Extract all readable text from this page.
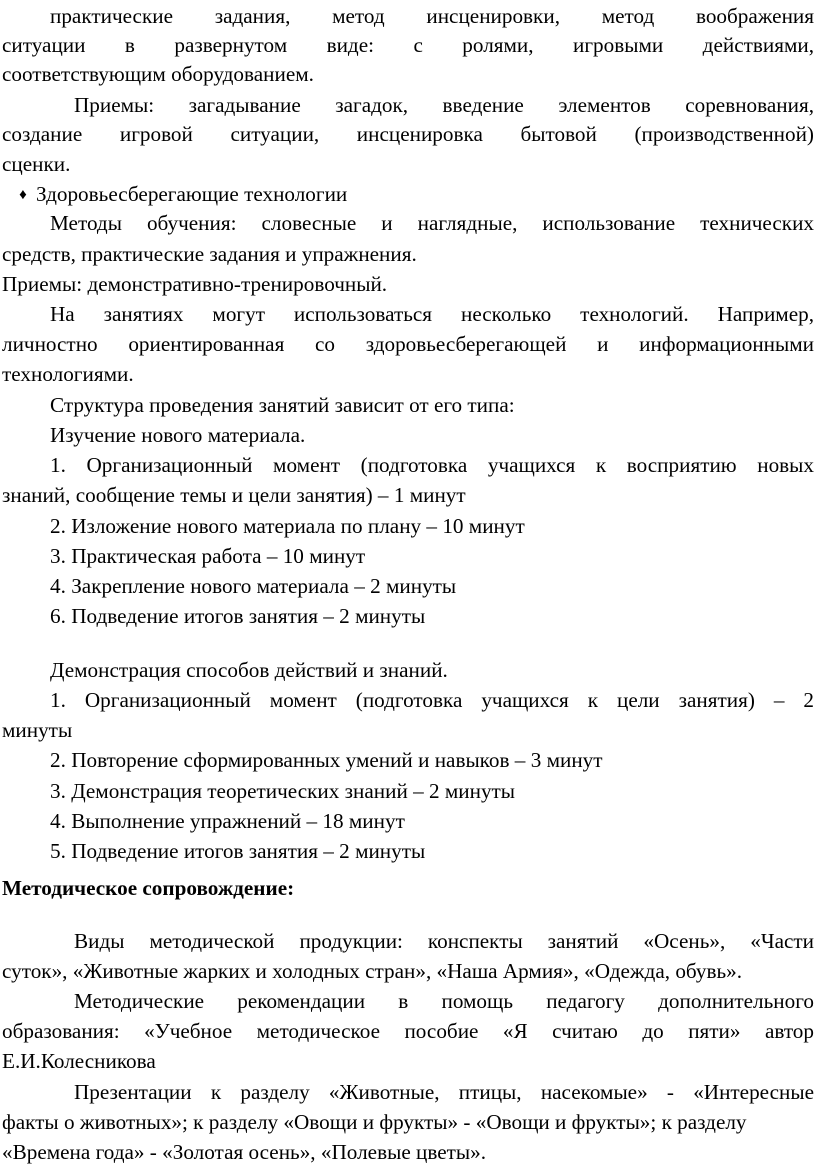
практические задания, метод инсценировки, метод воображения
ситуации в развернутом виде: с ролями, игровыми действиями,
соответствующим оборудованием.
Приемы: загадывание загадок, введение элементов соревнования,
создание игровой ситуации, инсценировка бытовой (производственной)
сценки.
♦ Здоровьесберегающие технологии
Методы обучения: словесные и наглядные, использование технических
средств, практические задания и упражнения.
Приемы: демонстративно-тренировочный.
На занятиях могут использоваться несколько технологий. Например,
личностно ориентированная со здоровьесберегающей и информационными
технологиями.
Структура проведения занятий зависит от его типа:
Изучение нового материала.
1. Организационный момент (подготовка учащихся к восприятию новых
знаний, сообщение темы и цели занятия) – 1 минут
2. Изложение нового материала по плану – 10 минут
3. Практическая работа – 10 минут
4. Закрепление нового материала – 2 минуты
6. Подведение итогов занятия – 2 минуты
Демонстрация способов действий и знаний.
1. Организационный момент (подготовка учащихся к цели занятия) – 2
минуты
2. Повторение сформированных умений и навыков – 3 минут
3. Демонстрация теоретических знаний – 2 минуты
4. Выполнение упражнений – 18 минут
5. Подведение итогов занятия – 2 минуты
Методическое сопровождение:
Виды методической продукции: конспекты занятий «Осень», «Части
суток», «Животные жарких и холодных стран», «Наша Армия», «Одежда, обувь».
Методические рекомендации в помощь педагогу дополнительного
образования: «Учебное методическое пособие «Я считаю до пяти» автор
Е.И.Колесникова
Презентации к разделу «Животные, птицы, насекомые» - «Интересные
факты о животных»; к разделу «Овощи и фрукты» - «Овощи и фрукты»; к разделу
«Времена года» - «Золотая осень», «Полевые цветы».
